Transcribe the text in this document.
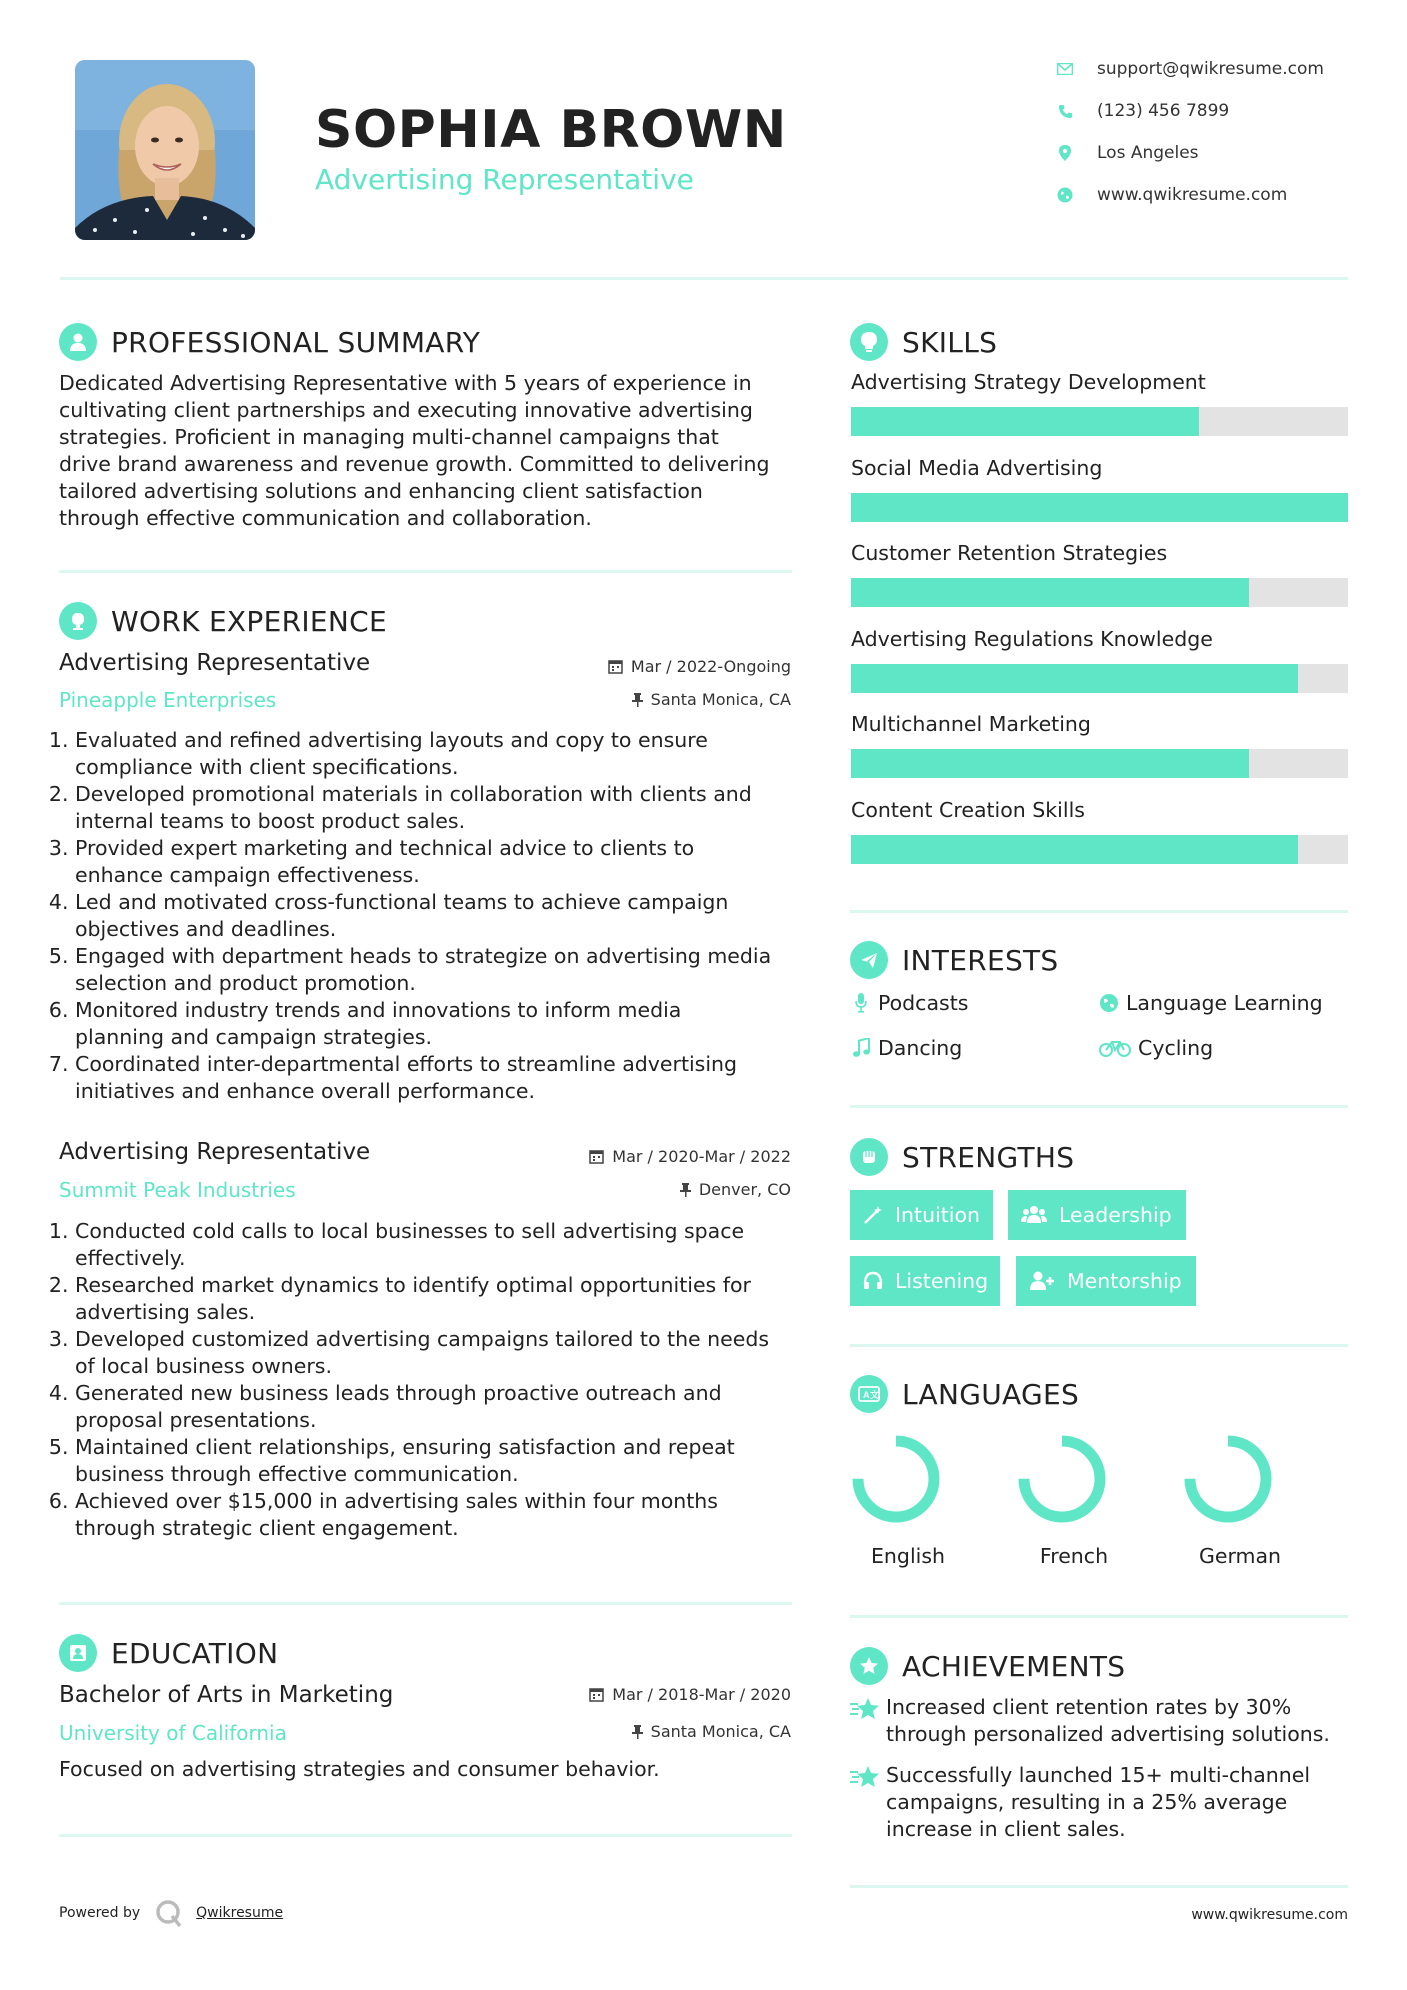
SOPHIA BROWN
Advertising Representative
support@qwikresume.com
(123) 456 7899
Los Angeles
www.qwikresume.com
PROFESSIONAL SUMMARY
Dedicated Advertising Representative with 5 years of experience in
cultivating client partnerships and executing innovative advertising
strategies. Proficient in managing multi-channel campaigns that
drive brand awareness and revenue growth. Committed to delivering
tailored advertising solutions and enhancing client satisfaction
through effective communication and collaboration.
WORK EXPERIENCE
Advertising Representative
Pineapple Enterprises
Mar / 2022-Ongoing
Santa Monica, CA
1. Evaluated and refined advertising layouts and copy to ensure
compliance with client specifications.
2. Developed promotional materials in collaboration with clients and
internal teams to boost product sales.
3. Provided expert marketing and technical advice to clients to
enhance campaign effectiveness.
4. Led and motivated cross-functional teams to achieve campaign
objectives and deadlines.
5. Engaged with department heads to strategize on advertising media
selection and product promotion.
6. Monitored industry trends and innovations to inform media
planning and campaign strategies.
7. Coordinated inter-departmental efforts to streamline advertising
initiatives and enhance overall performance.
Advertising Representative
Summit Peak Industries
Mar / 2020-Mar / 2022
Denver, CO
1. Conducted cold calls to local businesses to sell advertising space
effectively.
2. Researched market dynamics to identify optimal opportunities for
advertising sales.
3. Developed customized advertising campaigns tailored to the needs
of local business owners.
4. Generated new business leads through proactive outreach and
proposal presentations.
5. Maintained client relationships, ensuring satisfaction and repeat
business through effective communication.
6. Achieved over $15,000 in advertising sales within four months
through strategic client engagement.
EDUCATION
Bachelor of Arts in Marketing
University of California
Mar / 2018-Mar / 2020
Santa Monica, CA
Focused on advertising strategies and consumer behavior.
Powered by	Qwikresume
SKILLS
Advertising Strategy Development
Social Media Advertising
Customer Retention Strategies
Advertising Regulations Knowledge
Multichannel Marketing
Content Creation Skills
INTERESTS
Podcasts	Language Learning
Dancing	Cycling
STRENGTHS
Intuition	Leadership
Listening	Mentorship
A 文 LANGUAGES
English	French	German
ACHIEVEMENTS
Increased client retention rates by 30%
through personalized advertising solutions.
Successfully launched 15+ multi-channel
campaigns, resulting in a 25% average
increase in client sales.
www.qwikresume.com
